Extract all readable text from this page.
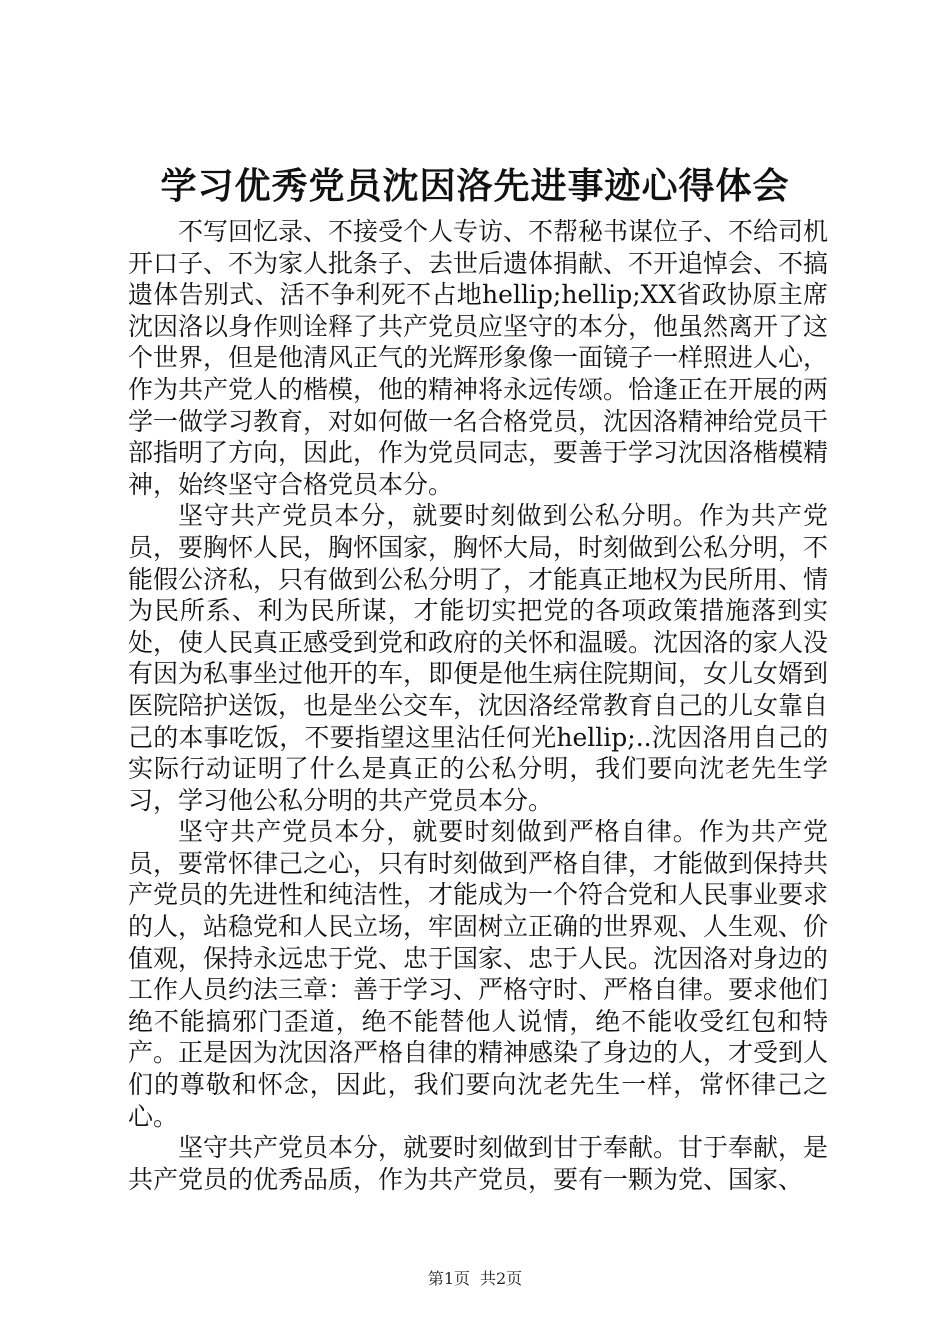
学习优秀党员沈因洛先进事迹心得体会

不写回忆录、不接受个人专访、不帮秘书谋位子、不给司机开口子、不为家人批条子、去世后遗体捐献、不开追悼会、不搞遗体告别式、活不争利死不占地hellip;hellip;XX省政协原主席沈因洛以身作则诠释了共产党员应坚守的本分，他虽然离开了这个世界，但是他清风正气的光辉形象像一面镜子一样照进人心，作为共产党人的楷模，他的精神将永远传颂。恰逢正在开展的两学一做学习教育，对如何做一名合格党员，沈因洛精神给党员干部指明了方向，因此，作为党员同志，要善于学习沈因洛楷模精神，始终坚守合格党员本分。

坚守共产党员本分，就要时刻做到公私分明。作为共产党员，要胸怀人民，胸怀国家，胸怀大局，时刻做到公私分明，不能假公济私，只有做到公私分明了，才能真正地权为民所用、情为民所系、利为民所谋，才能切实把党的各项政策措施落到实处，使人民真正感受到党和政府的关怀和温暖。沈因洛的家人没有因为私事坐过他开的车，即便是他生病住院期间，女儿女婿到医院陪护送饭，也是坐公交车，沈因洛经常教育自己的儿女靠自己的本事吃饭，不要指望这里沾任何光hellip;..沈因洛用自己的实际行动证明了什么是真正的公私分明，我们要向沈老先生学习，学习他公私分明的共产党员本分。

坚守共产党员本分，就要时刻做到严格自律。作为共产党员，要常怀律己之心，只有时刻做到严格自律，才能做到保持共产党员的先进性和纯洁性，才能成为一个符合党和人民事业要求的人，站稳党和人民立场，牢固树立正确的世界观、人生观、价值观，保持永远忠于党、忠于国家、忠于人民。沈因洛对身边的工作人员约法三章：善于学习、严格守时、严格自律。要求他们绝不能搞邪门歪道，绝不能替他人说情，绝不能收受红包和特产。正是因为沈因洛严格自律的精神感染了身边的人，才受到人们的尊敬和怀念，因此，我们要向沈老先生一样，常怀律己之心。

坚守共产党员本分，就要时刻做到甘于奉献。甘于奉献，是共产党员的优秀品质，作为共产党员，要有一颗为党、国家、

第1页 共2页
